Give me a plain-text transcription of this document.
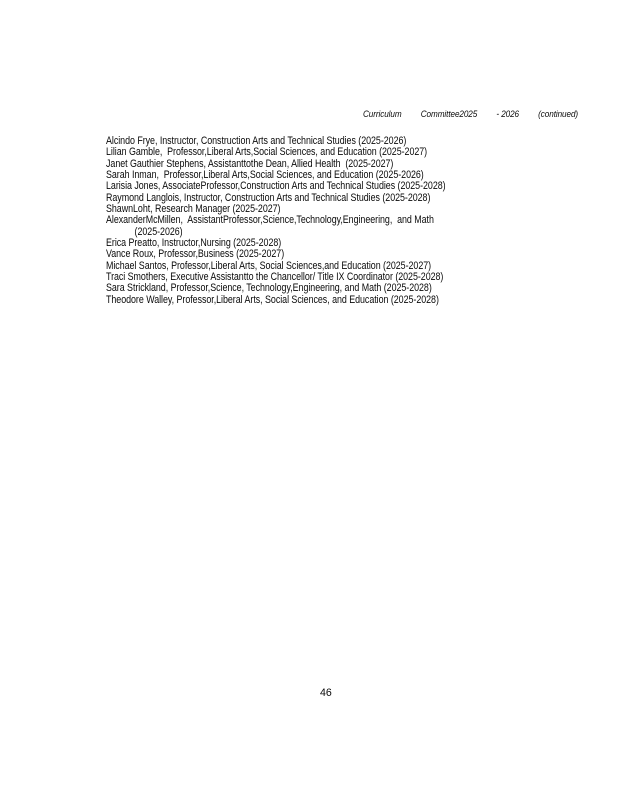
Curriculum Committee2025 - 2026 (continued)
Alcindo Frye, Instructor, Construction Arts and Technical Studies (2025-2026)
Lilian Gamble,  Professor,Liberal Arts,Social Sciences, and Education (2025-2027)
Janet Gauthier Stephens, Assistanttothe Dean, Allied Health  (2025-2027)
Sarah Inman,  Professor,Liberal Arts,Social Sciences, and Education (2025-2026)
Larisia Jones, AssociateProfessor,Construction Arts and Technical Studies (2025-2028)
Raymond Langlois, Instructor, Construction Arts and Technical Studies (2025-2028)
ShawnLoht, Research Manager (2025-2027)
AlexanderMcMillen,  AssistantProfessor,Science,Technology,Engineering,  and Math
(2025-2026)
Erica Preatto, Instructor,Nursing (2025-2028)
Vance Roux, Professor,Business (2025-2027)
Michael Santos, Professor,Liberal Arts, Social Sciences,and Education (2025-2027)
Traci Smothers, Executive Assistantto the Chancellor/ Title IX Coordinator (2025-2028)
Sara Strickland, Professor,Science, Technology,Engineering, and Math (2025-2028)
Theodore Walley, Professor,Liberal Arts, Social Sciences, and Education (2025-2028)
46
